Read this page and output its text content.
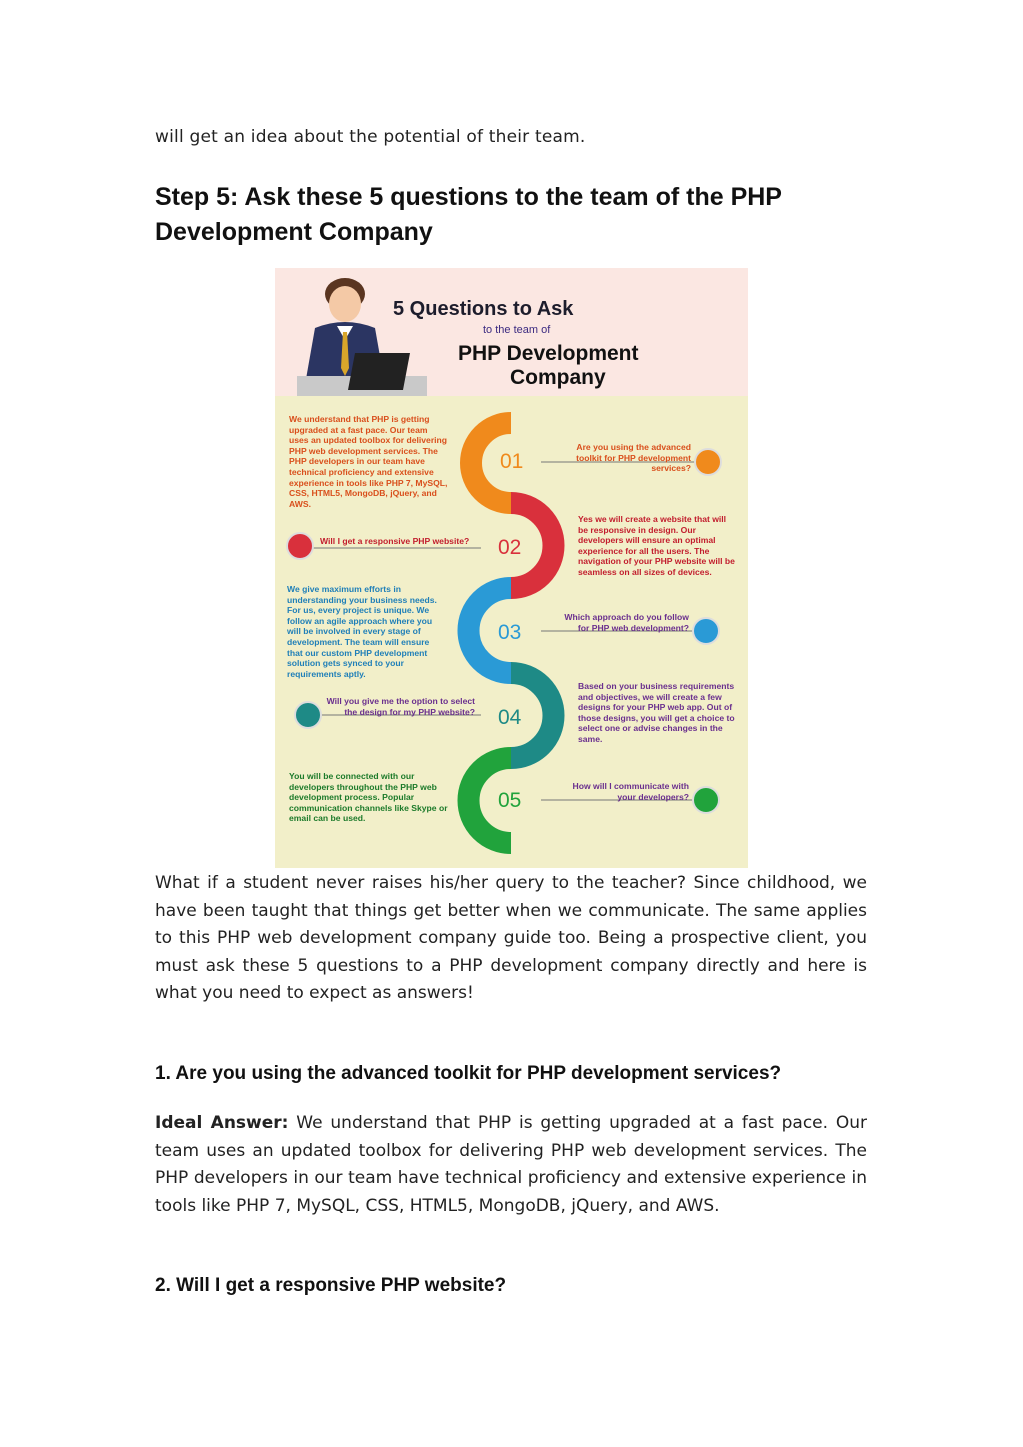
will get an idea about the potential of their team.
Step 5: Ask these 5 questions to the team of the PHP Development Company
5 Questions to Ask
to the team of
PHP Development
Company
01
02
03
04
05

We understand that PHP is getting upgraded at a fast pace. Our team uses an updated toolbox for delivering PHP web development services. The PHP developers in our team have technical proficiency and extensive experience in tools like PHP 7, MySQL, CSS, HTML5, MongoDB, jQuery, and AWS.

Are you using the advanced toolkit for PHP development services?

Will I get a responsive PHP website?

Yes we will create a website that will be responsive in design. Our developers will ensure an optimal experience for all the users. The navigation of your PHP website will be seamless on all sizes of devices.

We give maximum efforts in understanding your business needs. For us, every project is unique. We follow an agile approach where you will be involved in every stage of development. The team will ensure that our custom PHP development solution gets synced to your requirements aptly.

Which approach do you follow for PHP web development?

Will you give me the option to select the design for my PHP website?

Based on your business requirements and objectives, we will create a few designs for your PHP web app. Out of those designs, you will get a choice to select one or advise changes in the same.

You will be connected with our developers throughout the PHP web development process. Popular communication channels like Skype or email can be used.

How will I communicate with your developers?

What if a student never raises his/her query to the teacher? Since childhood, we have been taught that things get better when we communicate. The same applies to this PHP web development company guide too. Being a prospective client, you must ask these 5 questions to a PHP development company directly and here is what you need to expect as answers!

1. Are you using the advanced toolkit for PHP development services?

Ideal Answer: We understand that PHP is getting upgraded at a fast pace. Our team uses an updated toolbox for delivering PHP web development services. The PHP developers in our team have technical proficiency and extensive experience in tools like PHP 7, MySQL, CSS, HTML5, MongoDB, jQuery, and AWS.

2. Will I get a responsive PHP website?
